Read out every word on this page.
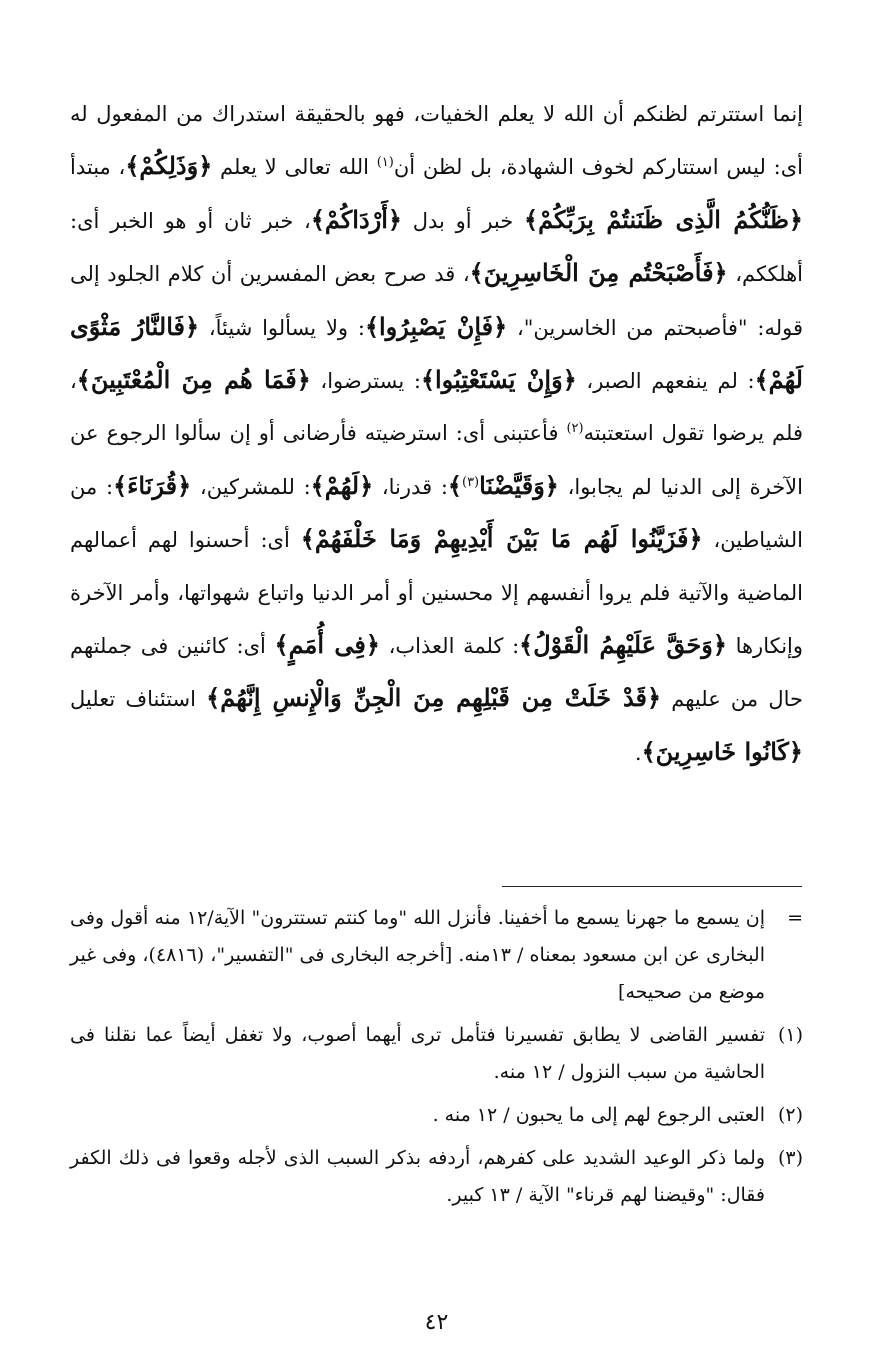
إنما استترتم لظنكم أن الله لا يعلم الخفيات، فهو بالحقيقة استدراك من المفعول له أى: ليس استتاركم لخوف الشهادة، بل لظن أن$^{(١)}$ الله تعالى لا يعلم ﴿وَذَلِكُمْ﴾، مبتدأ ﴿ظَنُّكُمُ الَّذِى ظَنَنتُمْ بِرَبِّكُمْ﴾ خبر أو بدل ﴿أَرْدَاكُمْ﴾، خبر ثان أو هو الخبر أى: أهلككم، ﴿فَأَصْبَحْتُم مِنَ الْخَاسِرِينَ﴾، قد صرح بعض المفسرين أن كلام الجلود إلى قوله: "فأصبحتم من الخاسرين"، ﴿فَإِنْ يَصْبِرُوا﴾: ولا يسألوا شيئاً، ﴿فَالنَّارُ مَثْوًى لَهُمْ﴾: لم ينفعهم الصبر، ﴿وَإِنْ يَسْتَعْتِبُوا﴾: يسترضوا، ﴿فَمَا هُم مِنَ الْمُعْتَبِينَ﴾، فلم يرضوا تقول استعتبته$^{(٢)}$ فأعتبنى أى: استرضيته فأرضانى أو إن سألوا الرجوع عن الآخرة إلى الدنيا لم يجابوا، ﴿وَقَيَّضْنَا$^{(٣)}$﴾: قدرنا، ﴿لَهُمْ﴾: للمشركين، ﴿قُرَنَاءَ﴾: من الشياطين، ﴿فَزَيَّنُوا لَهُم مَا بَيْنَ أَيْدِيهِمْ وَمَا خَلْفَهُمْ﴾ أى: أحسنوا لهم أعمالهم الماضية والآتية فلم يروا أنفسهم إلا محسنين أو أمر الدنيا واتباع شهواتها، وأمر الآخرة وإنكارها ﴿وَحَقَّ عَلَيْهِمُ الْقَوْلُ﴾: كلمة العذاب، ﴿فِى أُمَمٍ﴾ أى: كائنين فى جملتهم حال من عليهم ﴿قَدْ خَلَتْ مِن قَبْلِهِم مِنَ الْجِنِّ وَالْإِنسِ إِنَّهُمْ﴾ استئناف تعليل ﴿كَانُوا خَاسِرِينَ﴾.

=
إن يسمع ما جهرنا يسمع ما أخفينا. فأنزل الله "وما كنتم تستترون" الآية/١٢ منه أقول وفى البخارى عن ابن مسعود بمعناه / ١٣منه. [أخرجه البخارى فى "التفسير"، (٤٨١٦)، وفى غير موضع من صحيحه]
(١)
تفسير القاضى لا يطابق تفسيرنا فتأمل ترى أيهما أصوب، ولا تغفل أيضاً عما نقلنا فى الحاشية من سبب النزول / ١٢ منه.
(٢)
العتبى الرجوع لهم إلى ما يحبون / ١٢ منه .
(٣)
ولما ذكر الوعيد الشديد على كفرهم، أردفه بذكر السبب الذى لأجله وقعوا فى ذلك الكفر فقال: "وقيضنا لهم قرناء" الآية / ١٣ كبير.
٤٢
